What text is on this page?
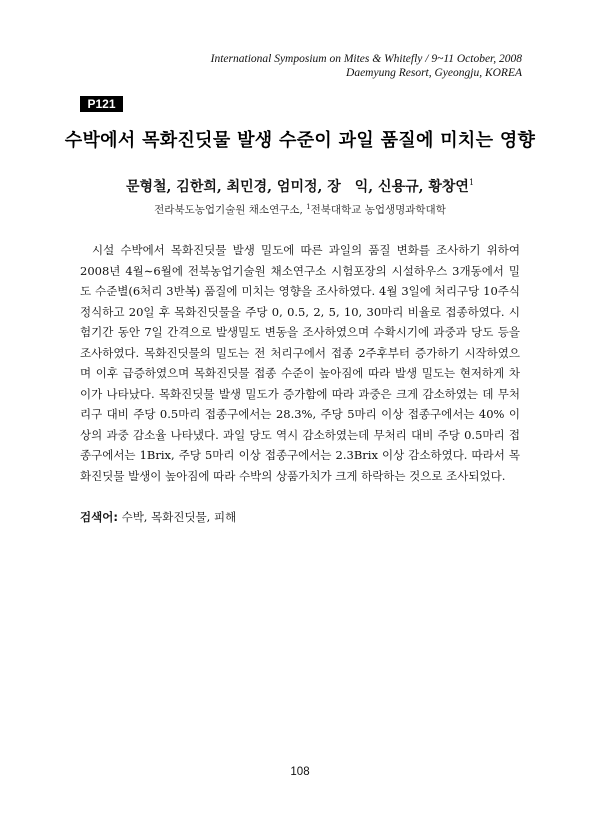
International Symposium on Mites & Whitefly / 9~11 October, 2008
Daemyung Resort, Gyeongju, KOREA
P121
수박에서 목화진딧물 발생 수준이 과일 품질에 미치는 영향
문형철, 김한희, 최민경, 엄미정, 장　익, 신용규, 황창연$^1$
전라북도농업기술원 채소연구소, $^1$전북대학교 농업생명과학대학

시설 수박에서 목화진딧물 발생 밀도에 따른 과일의 품질 변화를 조사하기 위하여 2008년 4월∼6월에 전북농업기술원 채소연구소 시험포장의 시설하우스 3개동에서 밀도 수준별(6처리 3반복) 품질에 미치는 영향을 조사하였다. 4월 3일에 처리구당 10주식 정식하고 20일 후 목화진딧물을 주당 0, 0.5, 2, 5, 10, 30마리 비율로 접종하였다. 시험기간 동안 7일 간격으로 발생밀도 변동을 조사하였으며 수확시기에 과중과 당도 등을 조사하였다. 목화진딧물의 밀도는 전 처리구에서 접종 2주후부터 증가하기 시작하였으며 이후 급증하였으며 목화진딧물 접종 수준이 높아짐에 따라 발생 밀도는 현저하게 차이가 나타났다. 목화진딧물 발생 밀도가 증가함에 따라 과중은 크게 감소하였는 데 무처리구 대비 주당 0.5마리 접종구에서는 28.3%, 주당 5마리 이상 접종구에서는 40% 이상의 과중 감소율 나타냈다. 과일 당도 역시 감소하였는데 무처리 대비 주당 0.5마리 접종구에서는 1Brix, 주당 5마리 이상 접종구에서는 2.3Brix 이상 감소하였다. 따라서 목화진딧물 발생이 높아짐에 따라 수박의 상품가치가 크게 하락하는 것으로 조사되었다.

검색어: 수박, 목화진딧물, 피해
108
